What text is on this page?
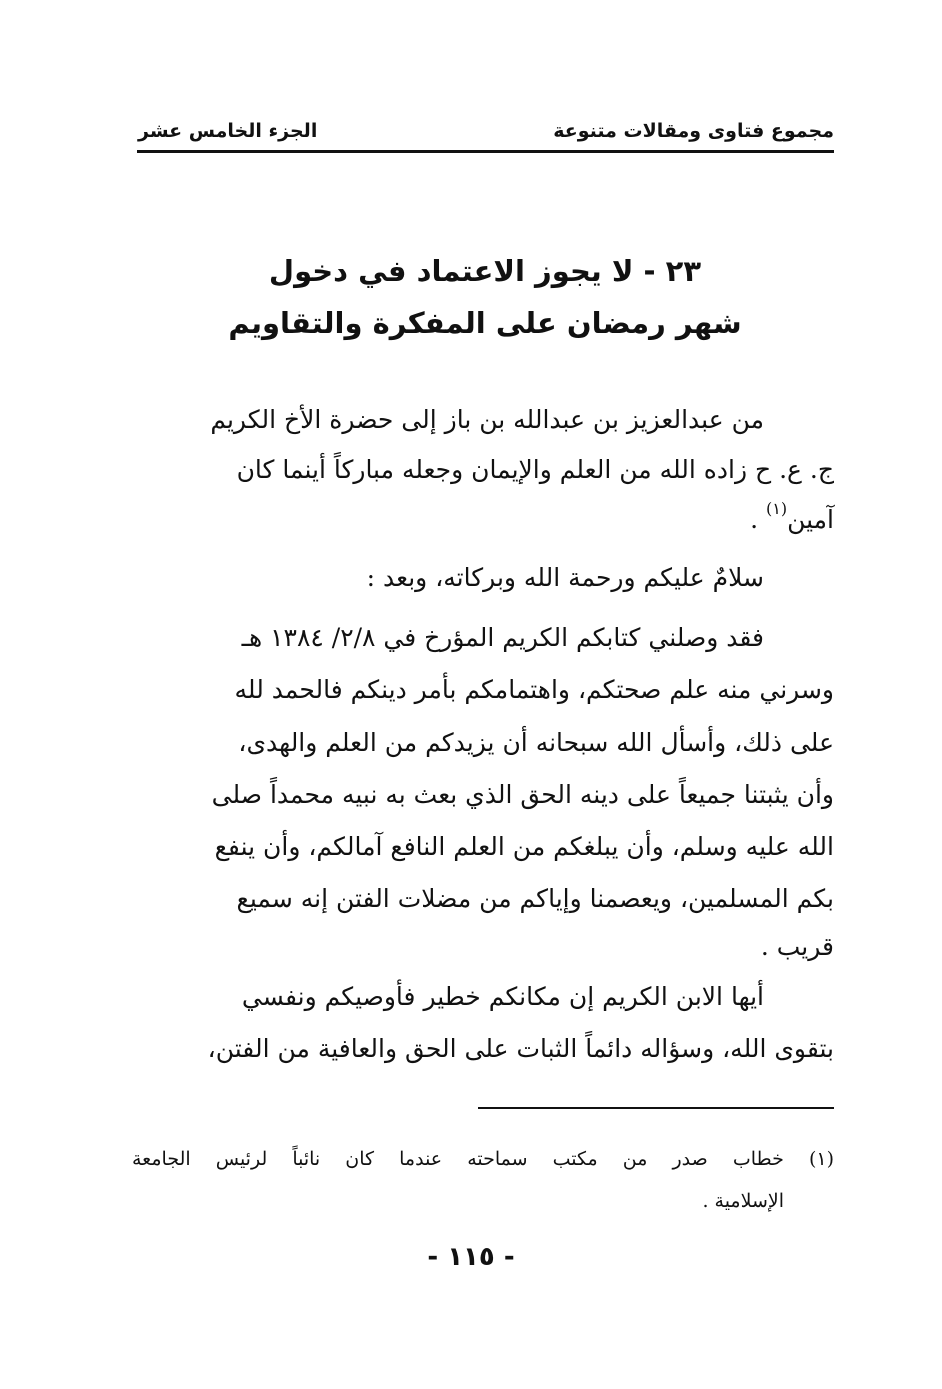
مجموع فتاوى ومقالات متنوعة
الجزء الخامس عشر
٢٣ - لا يجوز الاعتماد في دخول
شهر رمضان على المفكرة والتقاويم
من عبدالعزيز بن عبدالله بن باز إلى حضرة الأخ الكريم
ج. ع. ح زاده الله من العلم والإيمان وجعله مباركاً أينما كان
آمين$^{(١)}$ .
سلامٌ عليكم ورحمة الله وبركاته، وبعد :
فقد وصلني كتابكم الكريم المؤرخ في ٢/٨/ ١٣٨٤ هـ
وسرني منه علم صحتكم، واهتمامكم بأمر دينكم فالحمد لله
على ذلك، وأسأل الله سبحانه أن يزيدكم من العلم والهدى،
وأن يثبتنا جميعاً على دينه الحق الذي بعث به نبيه محمداً صلى
الله عليه وسلم، وأن يبلغكم من العلم النافع آمالكم، وأن ينفع
بكم المسلمين، ويعصمنا وإياكم من مضلات الفتن إنه سميع
قريب .
أيها الابن الكريم إن مكانكم خطير فأوصيكم ونفسي
بتقوى الله، وسؤاله دائماً الثبات على الحق والعافية من الفتن،
(١) خطاب صدر من مكتب سماحته عندما كان نائباً لرئيس الجامعة
الإسلامية .
- ١١٥ -
